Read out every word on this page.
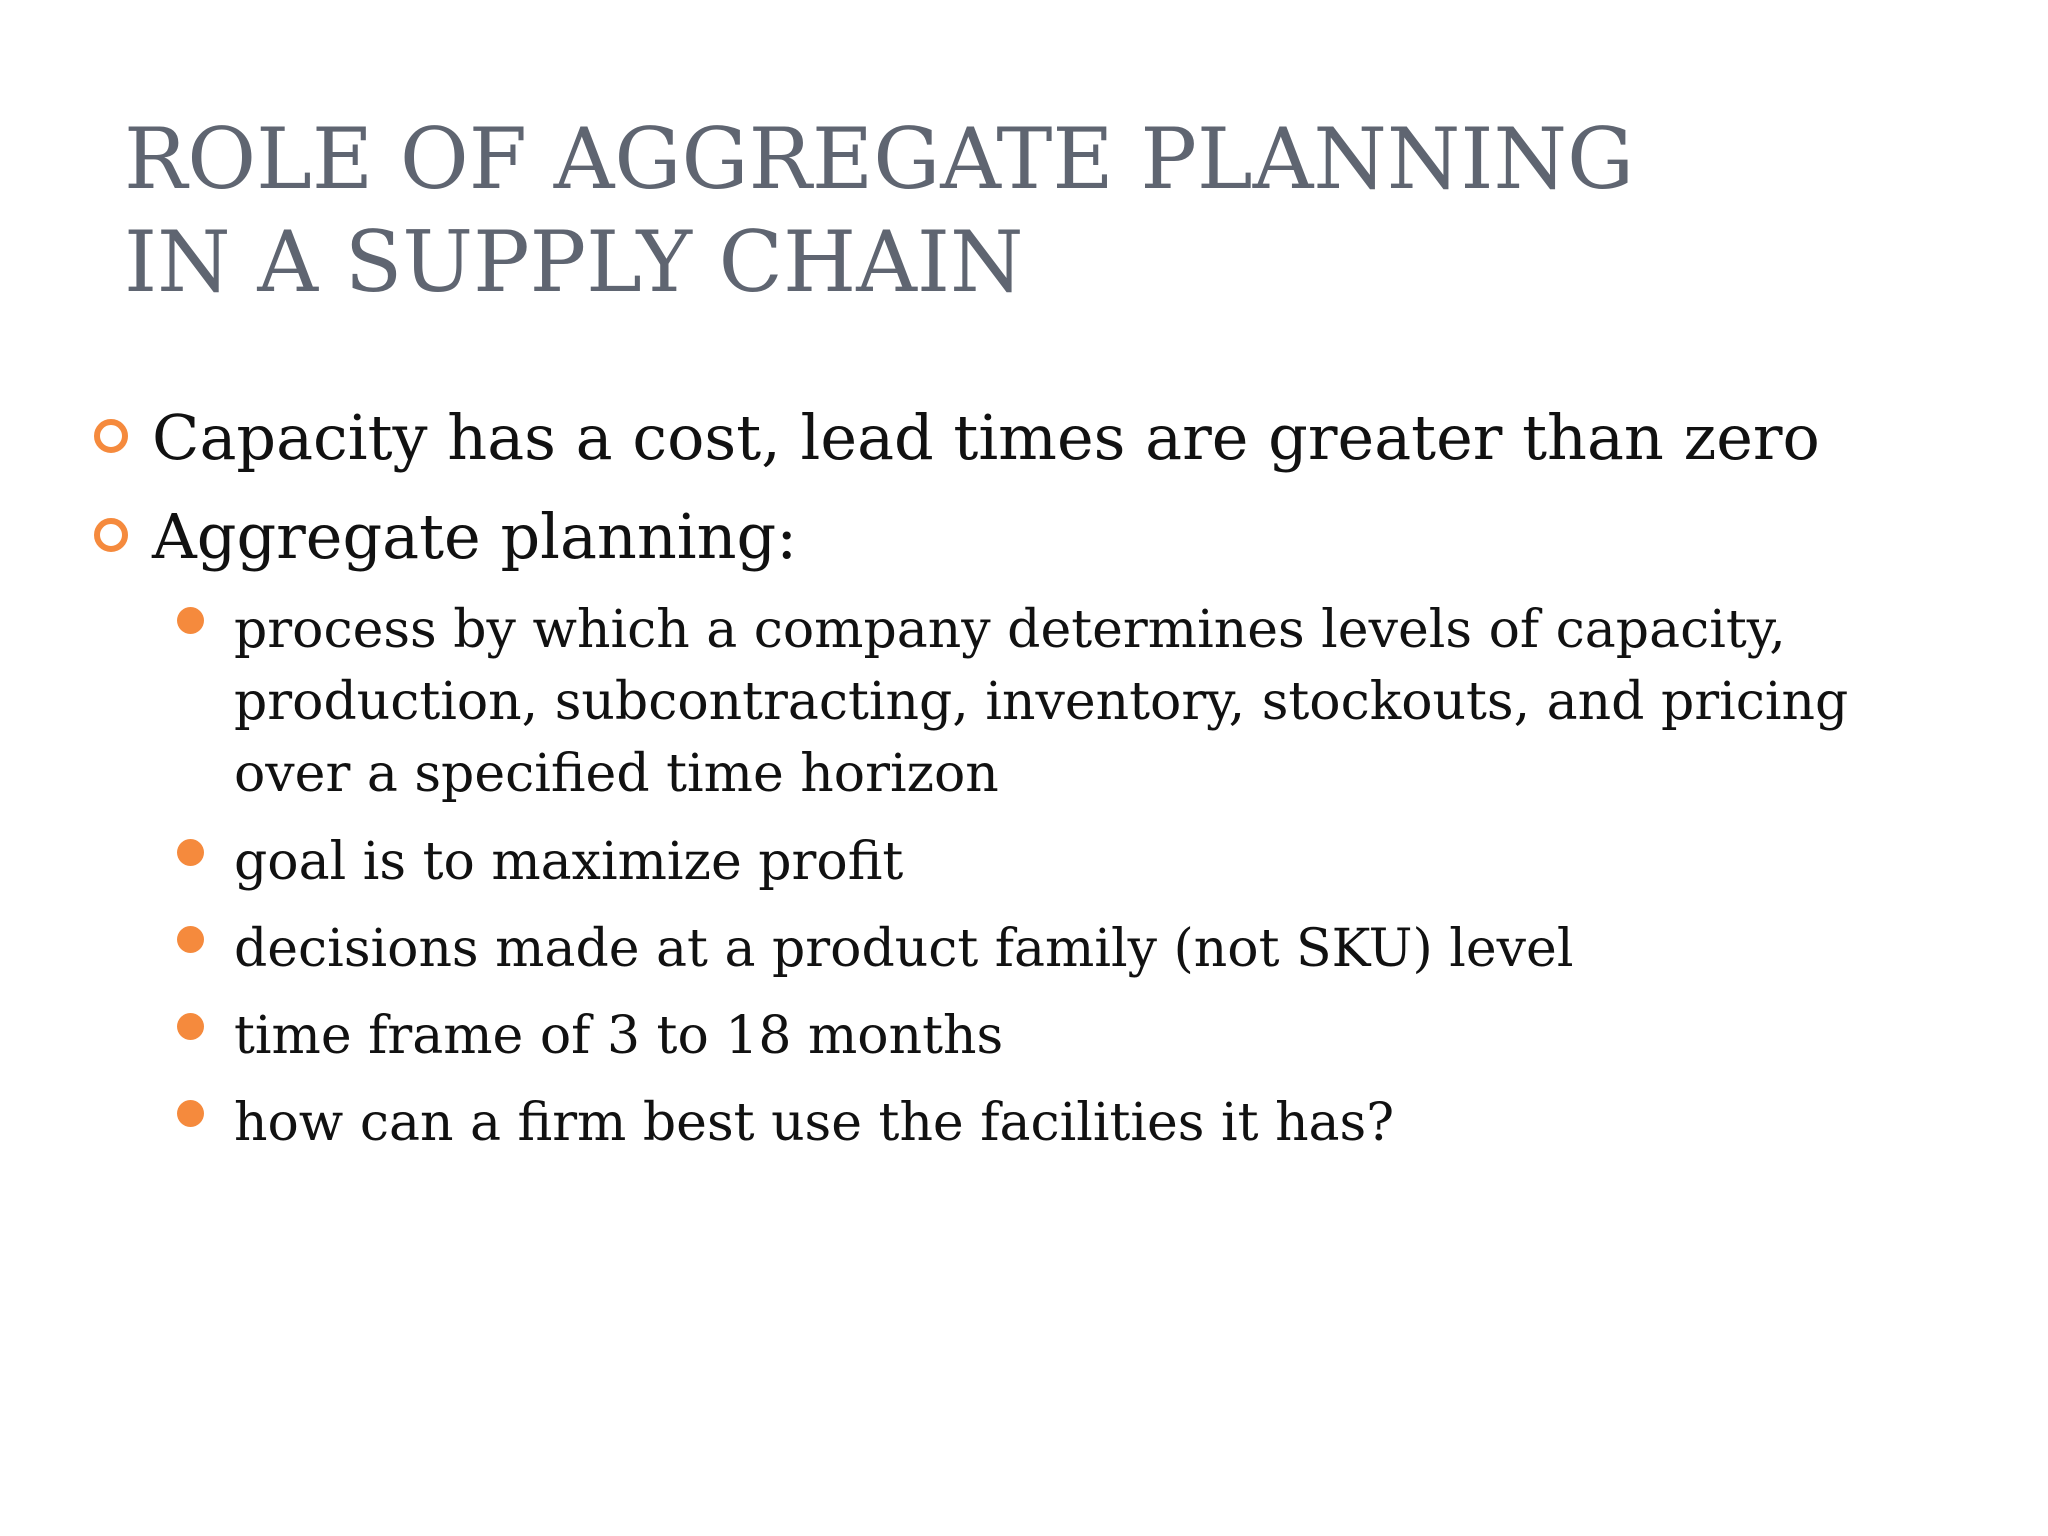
ROLE OF AGGREGATE PLANNING
IN A SUPPLY CHAIN
Capacity has a cost, lead times are greater than zero
Aggregate planning:
process by which a company determines levels of capacity,
production, subcontracting, inventory, stockouts, and pricing
over a specified time horizon
goal is to maximize profit
decisions made at a product family (not SKU) level
time frame of 3 to 18 months
how can a firm best use the facilities it has?
